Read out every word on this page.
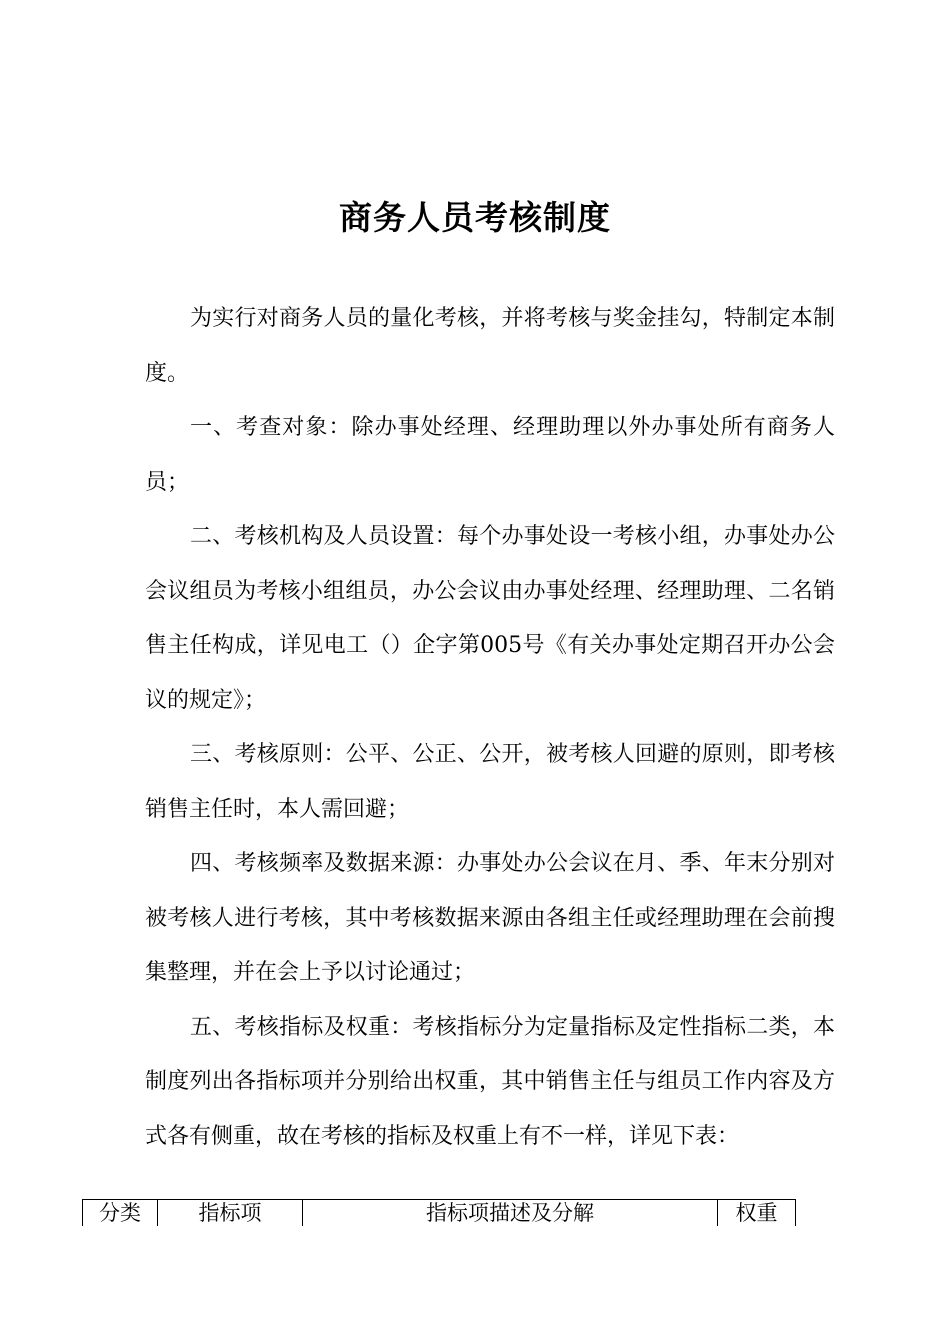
商务人员考核制度

为实行对商务人员的量化考核，并将考核与奖金挂勾，特制定本制度。

一、考查对象：除办事处经理、经理助理以外办事处所有商务人员；

二、考核机构及人员设置：每个办事处设一考核小组，办事处办公会议组员为考核小组组员，办公会议由办事处经理、经理助理、二名销售主任构成，详见电工（）企字第005号《有关办事处定期召开办公会议的规定》；

三、考核原则：公平、公正、公开，被考核人回避的原则，即考核销售主任时，本人需回避；

四、考核频率及数据来源：办事处办公会议在月、季、年末分别对被考核人进行考核，其中考核数据来源由各组主任或经理助理在会前搜集整理，并在会上予以讨论通过；

五、考核指标及权重：考核指标分为定量指标及定性指标二类，本制度列出各指标项并分别给出权重，其中销售主任与组员工作内容及方式各有侧重，故在考核的指标及权重上有不一样，详见下表：

分类	指标项	指标项描述及分解	权重
